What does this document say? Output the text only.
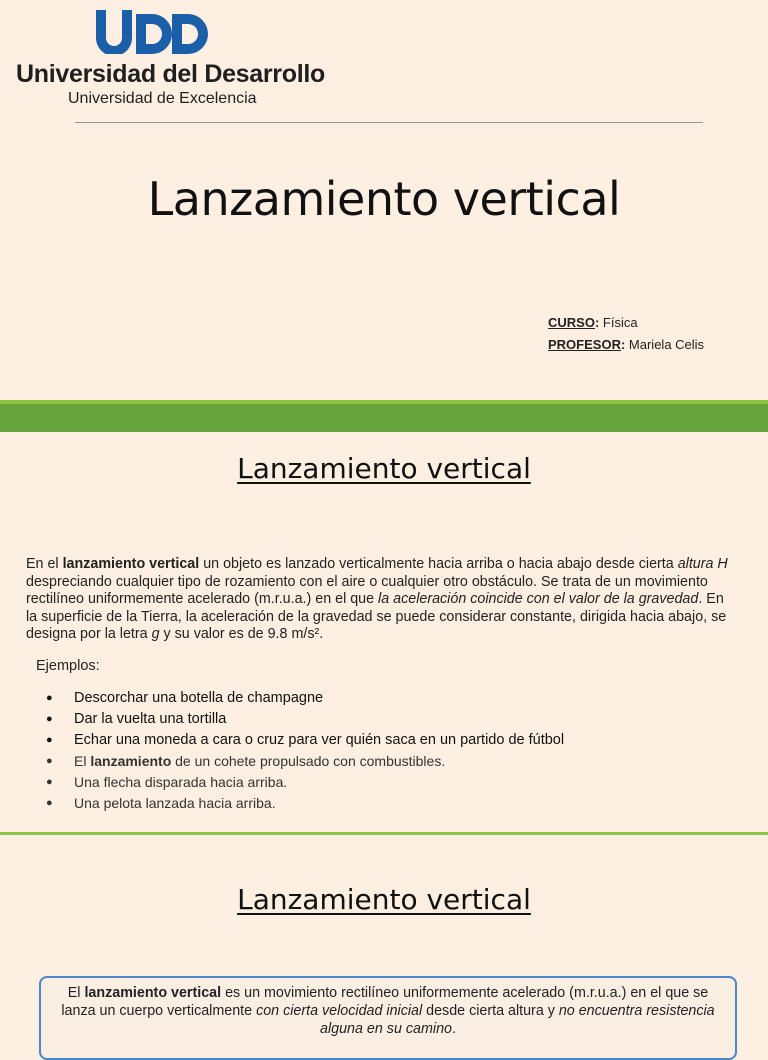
Universidad del Desarrollo
Universidad de Excelencia
Lanzamiento vertical
CURSO: Física
PROFESOR: Mariela Celis
Lanzamiento vertical
En el lanzamiento vertical un objeto es lanzado verticalmente hacia arriba o hacia abajo desde cierta altura H despreciando cualquier tipo de rozamiento con el aire o cualquier otro obstáculo. Se trata de un movimiento rectilíneo uniformemente acelerado (m.r.u.a.) en el que la aceleración coincide con el valor de la gravedad. En la superficie de la Tierra, la aceleración de la gravedad se puede considerar constante, dirigida hacia abajo, se designa por la letra g y su valor es de 9.8 m/s².
Ejemplos:
● Descorchar una botella de champagne
● Dar la vuelta una tortilla
● Echar una moneda a cara o cruz para ver quién saca en un partido de fútbol
● El lanzamiento de un cohete propulsado con combustibles.
● Una flecha disparada hacia arriba.
● Una pelota lanzada hacia arriba.
Lanzamiento vertical
El lanzamiento vertical es un movimiento rectilíneo uniformemente acelerado (m.r.u.a.) en el que se lanza un cuerpo verticalmente con cierta velocidad inicial desde cierta altura y no encuentra resistencia alguna en su camino.
